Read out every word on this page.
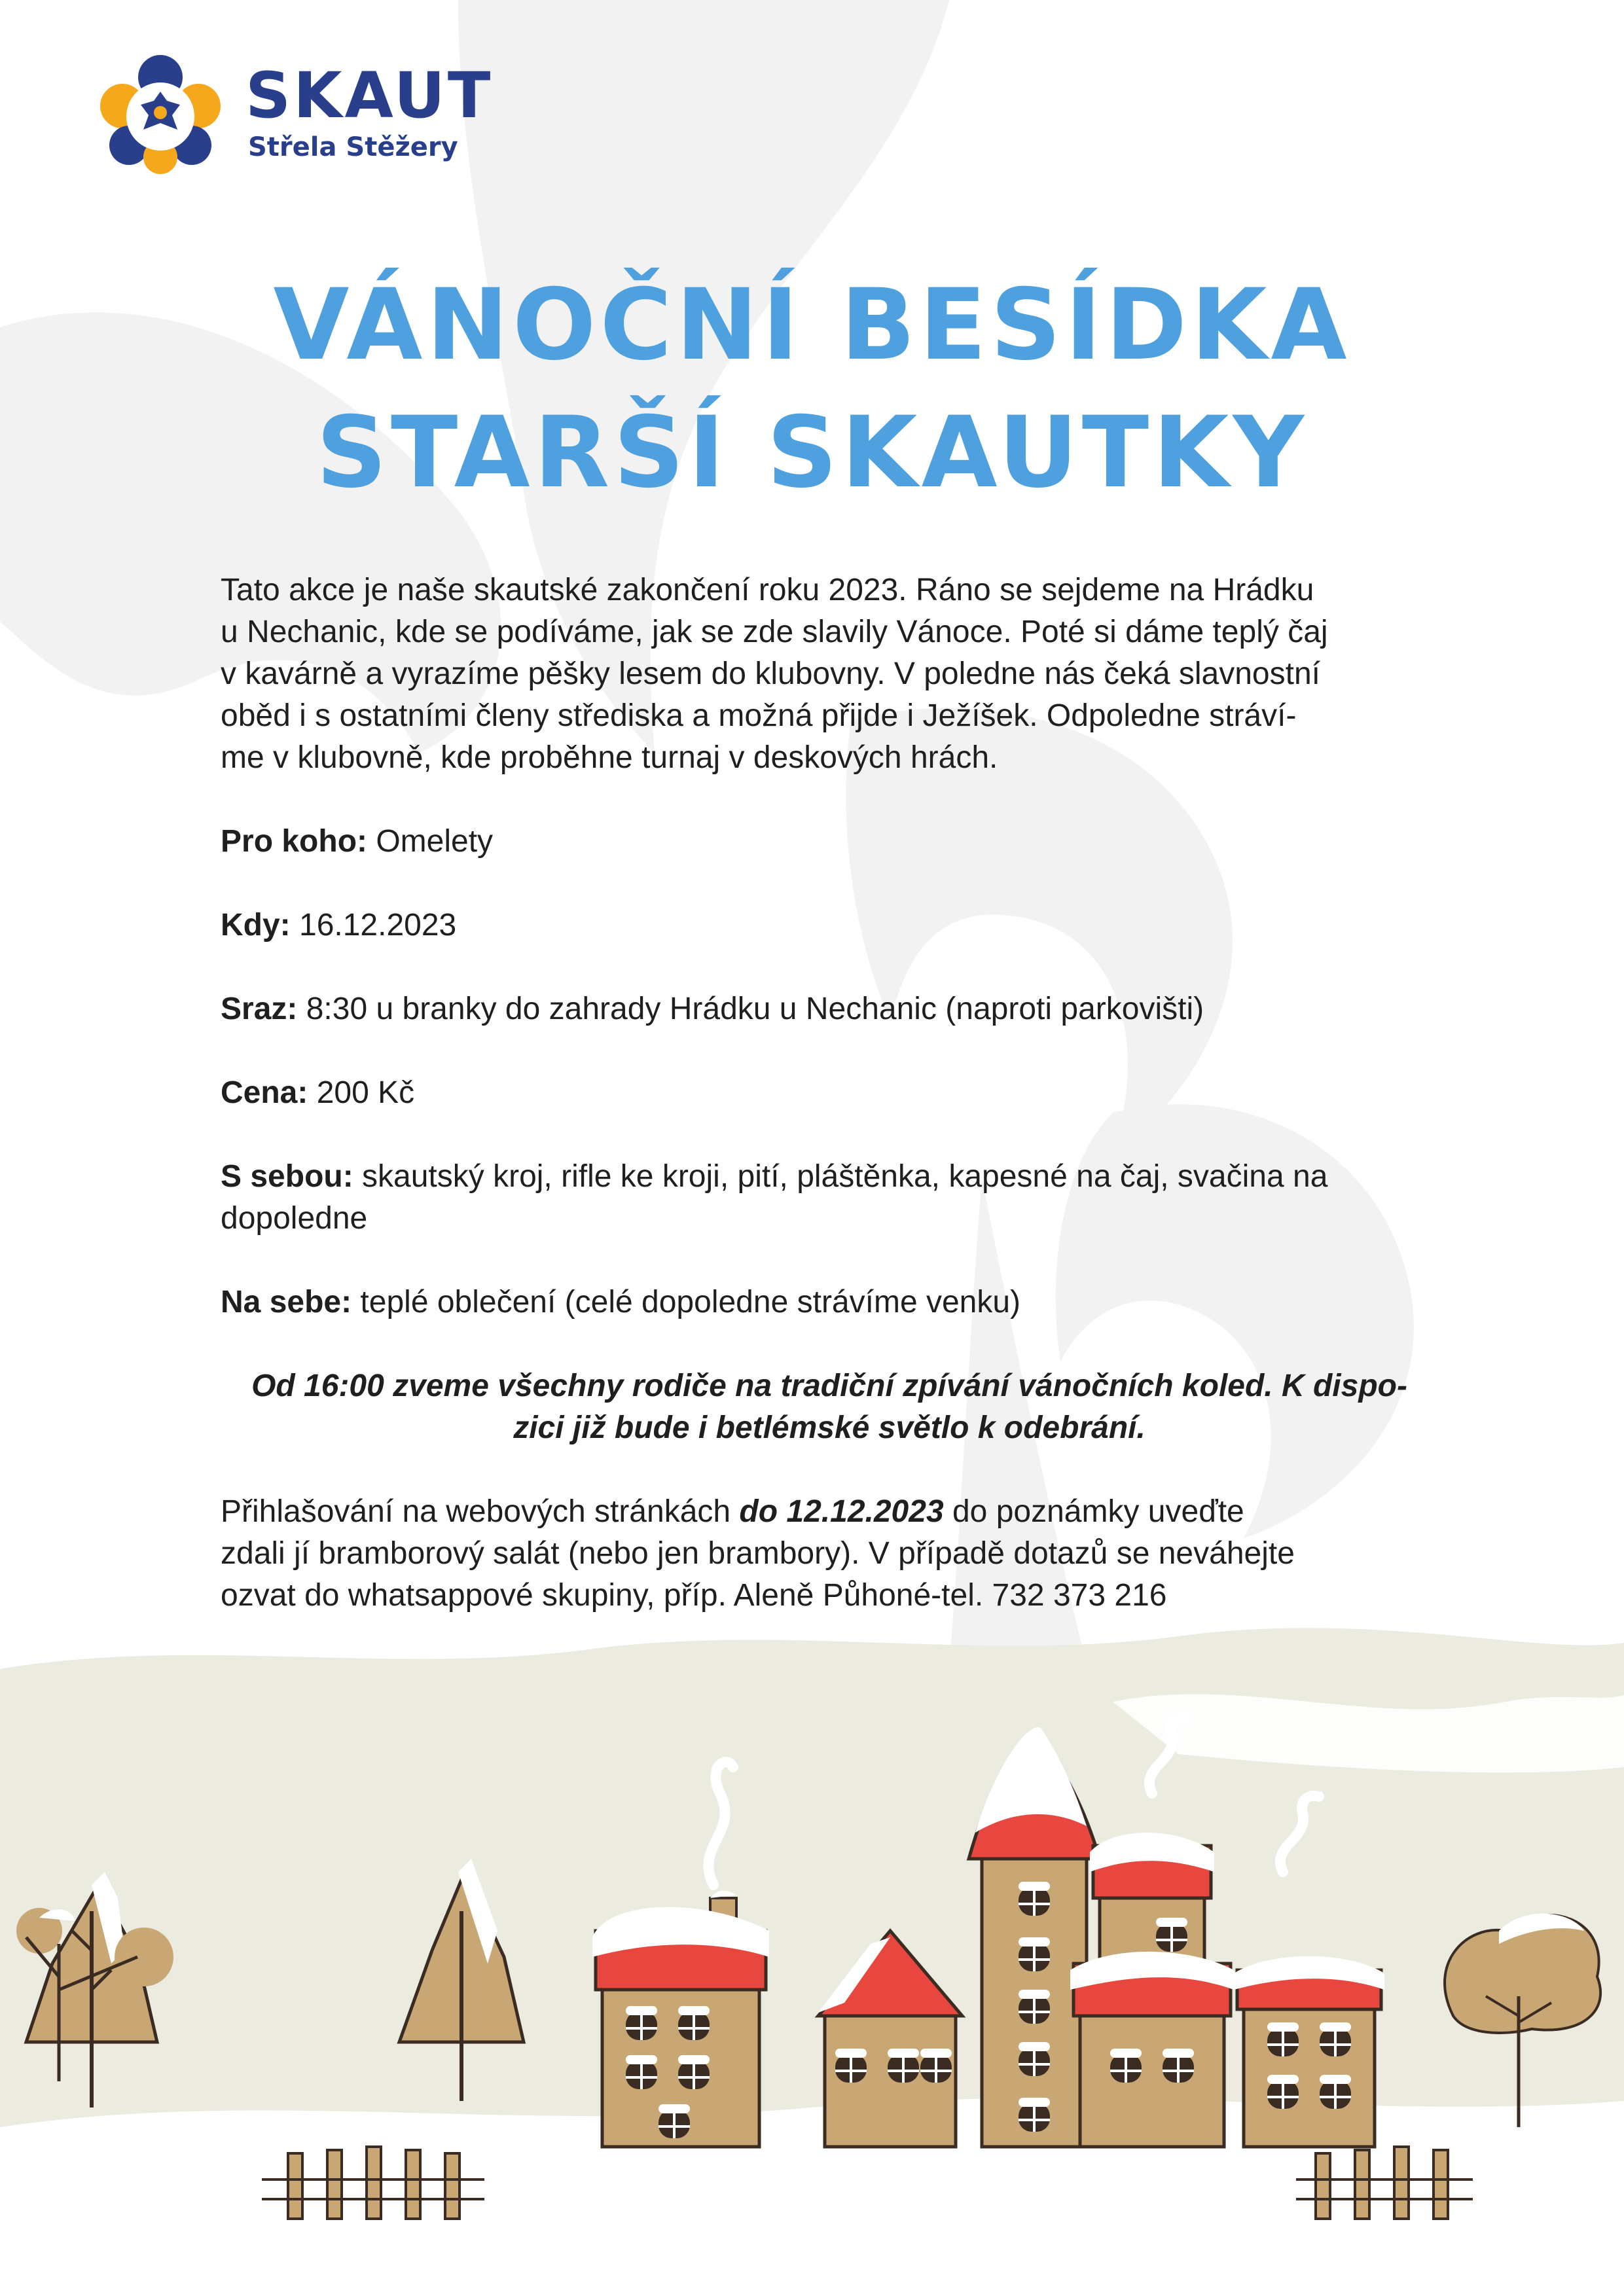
SKAUT
Střela Stěžery
VÁNOČNÍ BESÍDKA
STARŠÍ SKAUTKY

Tato akce je naše skautské zakončení roku 2023. Ráno se sejdeme na Hrádku

u Nechanic, kde se podíváme, jak se zde slavily Vánoce. Poté si dáme teplý čaj

v kavárně a vyrazíme pěšky lesem do klubovny. V poledne nás čeká slavnostní

oběd i s ostatními členy střediska a možná přijde i Ježíšek. Odpoledne stráví-

me v klubovně, kde proběhne turnaj v deskových hrách.

Pro koho: Omelety

Kdy: 16.12.2023

Sraz: 8:30 u branky do zahrady Hrádku u Nechanic (naproti parkovišti)

Cena: 200 Kč

S sebou: skautský kroj, rifle ke kroji, pití, pláštěnka, kapesné na čaj, svačina na

dopoledne

Na sebe: teplé oblečení (celé dopoledne strávíme venku)

Od 16:00 zveme všechny rodiče na tradiční zpívání vánočních koled. K dispo-

zici již bude i betlémské světlo k odebrání.

Přihlašování na webových stránkách do 12.12.2023 do poznámky uveďte

zdali jí bramborový salát (nebo jen brambory). V případě dotazů se neváhejte

ozvat do whatsappové skupiny, příp. Aleně Půhoné-tel. 732 373 216
